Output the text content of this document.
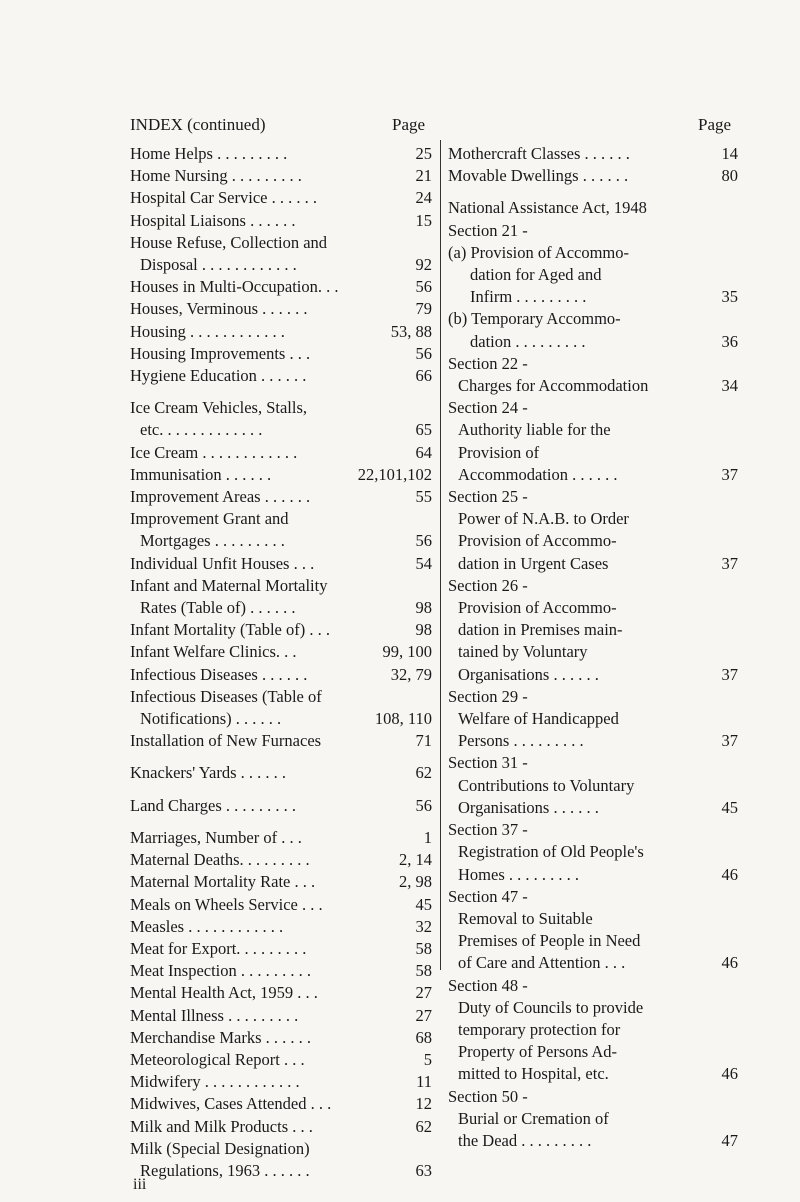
INDEX (continued)	Page	Page
Home Helps . . . . . . . . .	25
Home Nursing . . . . . . . . .	21
Hospital Car Service . . . . . .	24
Hospital Liaisons . . . . . .	15
House Refuse, Collection and
Disposal . . . . . . . . . . . .	92
Houses in Multi-Occupation. . .	56
Houses, Verminous . . . . . .	79
Housing . . . . . . . . . . . .	53, 88
Housing Improvements . . .	56
Hygiene Education . . . . . .	66
Ice Cream Vehicles, Stalls,
etc. . . . . . . . . . . . .	65
Ice Cream . . . . . . . . . . . .	64
Immunisation . . . . . .	22,101,102
Improvement Areas . . . . . .	55
Improvement Grant and
Mortgages . . . . . . . . .	56
Individual Unfit Houses . . .	54
Infant and Maternal Mortality
Rates (Table of) . . . . . .	98
Infant Mortality (Table of) . . .	98
Infant Welfare Clinics. . .	99, 100
Infectious Diseases . . . . . .	32, 79
Infectious Diseases (Table of
Notifications) . . . . . .	108, 110
Installation of New Furnaces	71
Knackers' Yards . . . . . .	62
Land Charges . . . . . . . . .	56
Marriages, Number of . . .	1
Maternal Deaths. . . . . . . . .	2, 14
Maternal Mortality Rate . . .	2, 98
Meals on Wheels Service . . .	45
Measles . . . . . . . . . . . .	32
Meat for Export. . . . . . . . .	58
Meat Inspection . . . . . . . . .	58
Mental Health Act, 1959 . . .	27
Mental Illness . . . . . . . . .	27
Merchandise Marks . . . . . .	68
Meteorological Report . . .	5
Midwifery . . . . . . . . . . . .	11
Midwives, Cases Attended . . .	12
Milk and Milk Products . . .	62
Milk (Special Designation)
Regulations, 1963 . . . . . .	63
Mothercraft Classes . . . . . .	14
Movable Dwellings . . . . . .	80
National Assistance Act, 1948
Section 21 -
(a) Provision of Accommo-
dation for Aged and
Infirm . . . . . . . . .	35
(b) Temporary Accommo-
dation . . . . . . . . .	36
Section 22 -
Charges for Accommodation	34
Section 24 -
Authority liable for the
Provision of
Accommodation . . . . . .	37
Section 25 -
Power of N.A.B. to Order
Provision of Accommo-
dation in Urgent Cases	37
Section 26 -
Provision of Accommo-
dation in Premises main-
tained by Voluntary
Organisations . . . . . .	37
Section 29 -
Welfare of Handicapped
Persons . . . . . . . . .	37
Section 31 -
Contributions to Voluntary
Organisations . . . . . .	45
Section 37 -
Registration of Old People's
Homes . . . . . . . . .	46
Section 47 -
Removal to Suitable
Premises of People in Need
of Care and Attention . . .	46
Section 48 -
Duty of Councils to provide
temporary protection for
Property of Persons Ad-
mitted to Hospital, etc.	46
Section 50 -
Burial or Cremation of
the Dead . . . . . . . . .	47
iii
